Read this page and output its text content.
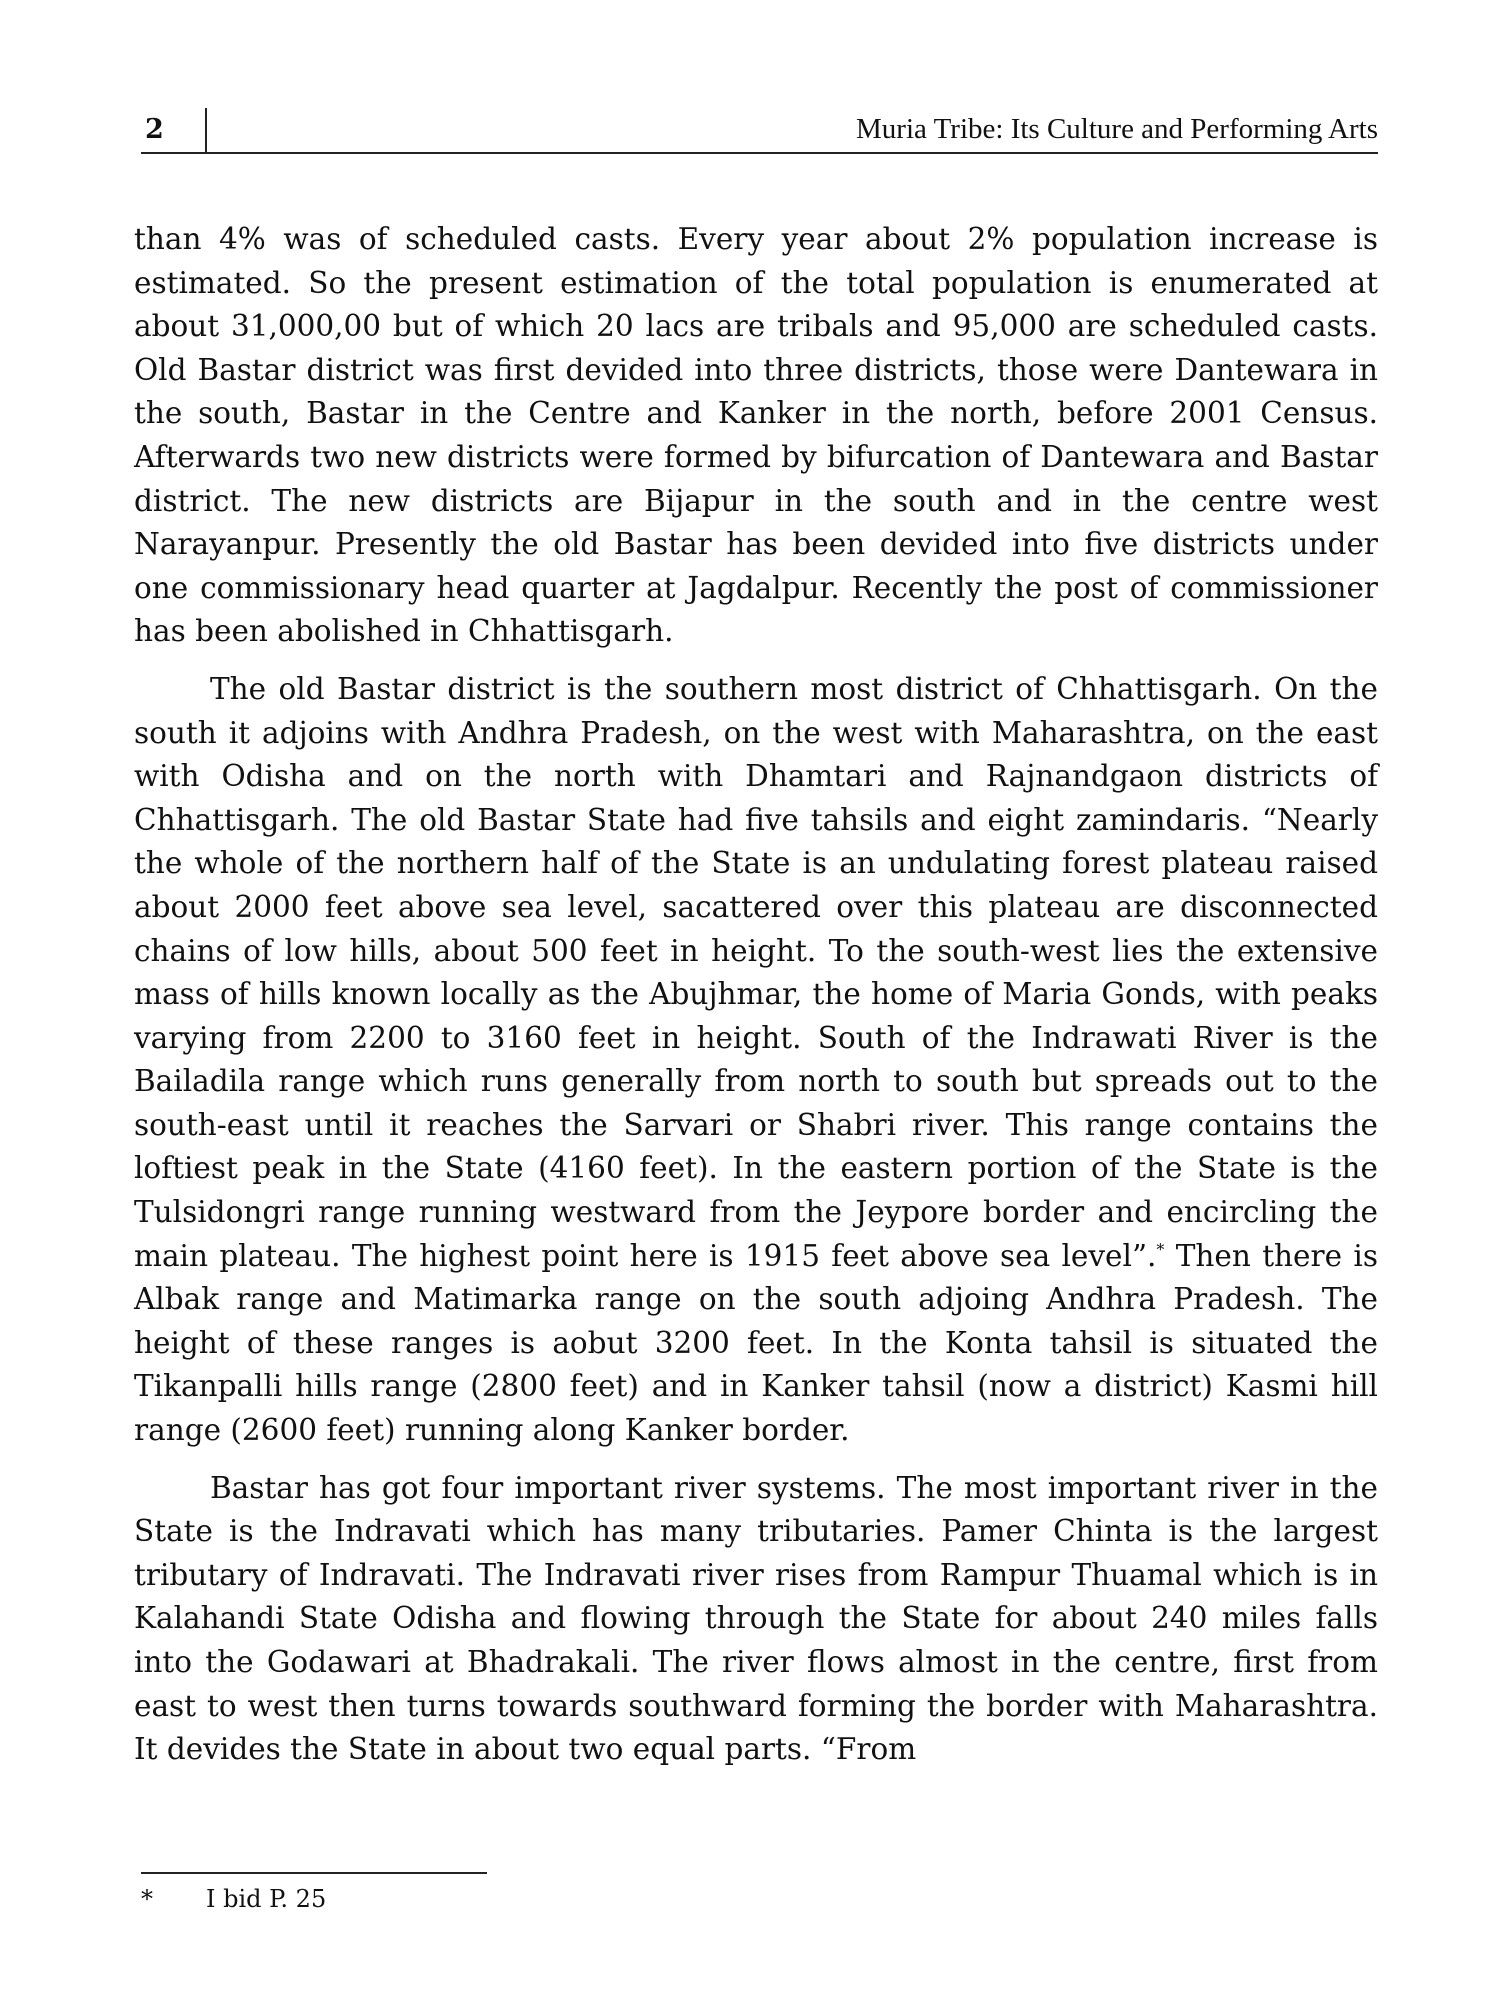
2	Muria Tribe: Its Culture and Performing Arts

than 4% was of scheduled casts. Every year about 2% population increase is estimated. So the present estimation of the total population is enumerated at about 31,000,00 but of which 20 lacs are tribals and 95,000 are scheduled casts. Old Bastar district was first devided into three districts, those were Dantewara in the south, Bastar in the Centre and Kanker in the north, before 2001 Census. Afterwards two new districts were formed by bifurcation of Dantewara and Bastar district. The new districts are Bijapur in the south and in the centre west Narayanpur. Presently the old Bastar has been devided into five districts under one commissionary head quarter at Jagdalpur. Recently the post of commissioner has been abolished in Chhattisgarh.

The old Bastar district is the southern most district of Chhattisgarh. On the south it adjoins with Andhra Pradesh, on the west with Maharashtra, on the east with Odisha and on the north with Dhamtari and Rajnandgaon districts of Chhattisgarh. The old Bastar State had five tahsils and eight zamindaris. “Nearly the whole of the northern half of the State is an undulating forest plateau raised about 2000 feet above sea level, sacattered over this plateau are disconnected chains of low hills, about 500 feet in height. To the south-west lies the extensive mass of hills known locally as the Abujhmar, the home of Maria Gonds, with peaks varying from 2200 to 3160 feet in height. South of the Indrawati River is the Bailadila range which runs generally from north to south but spreads out to the south-east until it reaches the Sarvari or Shabri river. This range contains the loftiest peak in the State (4160 feet). In the eastern portion of the State is the Tulsidongri range running westward from the Jeypore border and encircling the main plateau. The highest point here is 1915 feet above sea level”.* Then there is Albak range and Matimarka range on the south adjoing Andhra Pradesh. The height of these ranges is aobut 3200 feet. In the Konta tahsil is situated the Tikanpalli hills range (2800 feet) and in Kanker tahsil (now a district) Kasmi hill range (2600 feet) running along Kanker border.

Bastar has got four important river systems. The most important river in the State is the Indravati which has many tributaries. Pamer Chinta is the largest tributary of Indravati. The Indravati river rises from Rampur Thuamal which is in Kalahandi State Odisha and flowing through the State for about 240 miles falls into the Godawari at Bhadrakali. The river flows almost in the centre, first from east to west then turns towards southward forming the border with Maharashtra. It devides the State in about two equal parts. “From

* I bid P. 25
